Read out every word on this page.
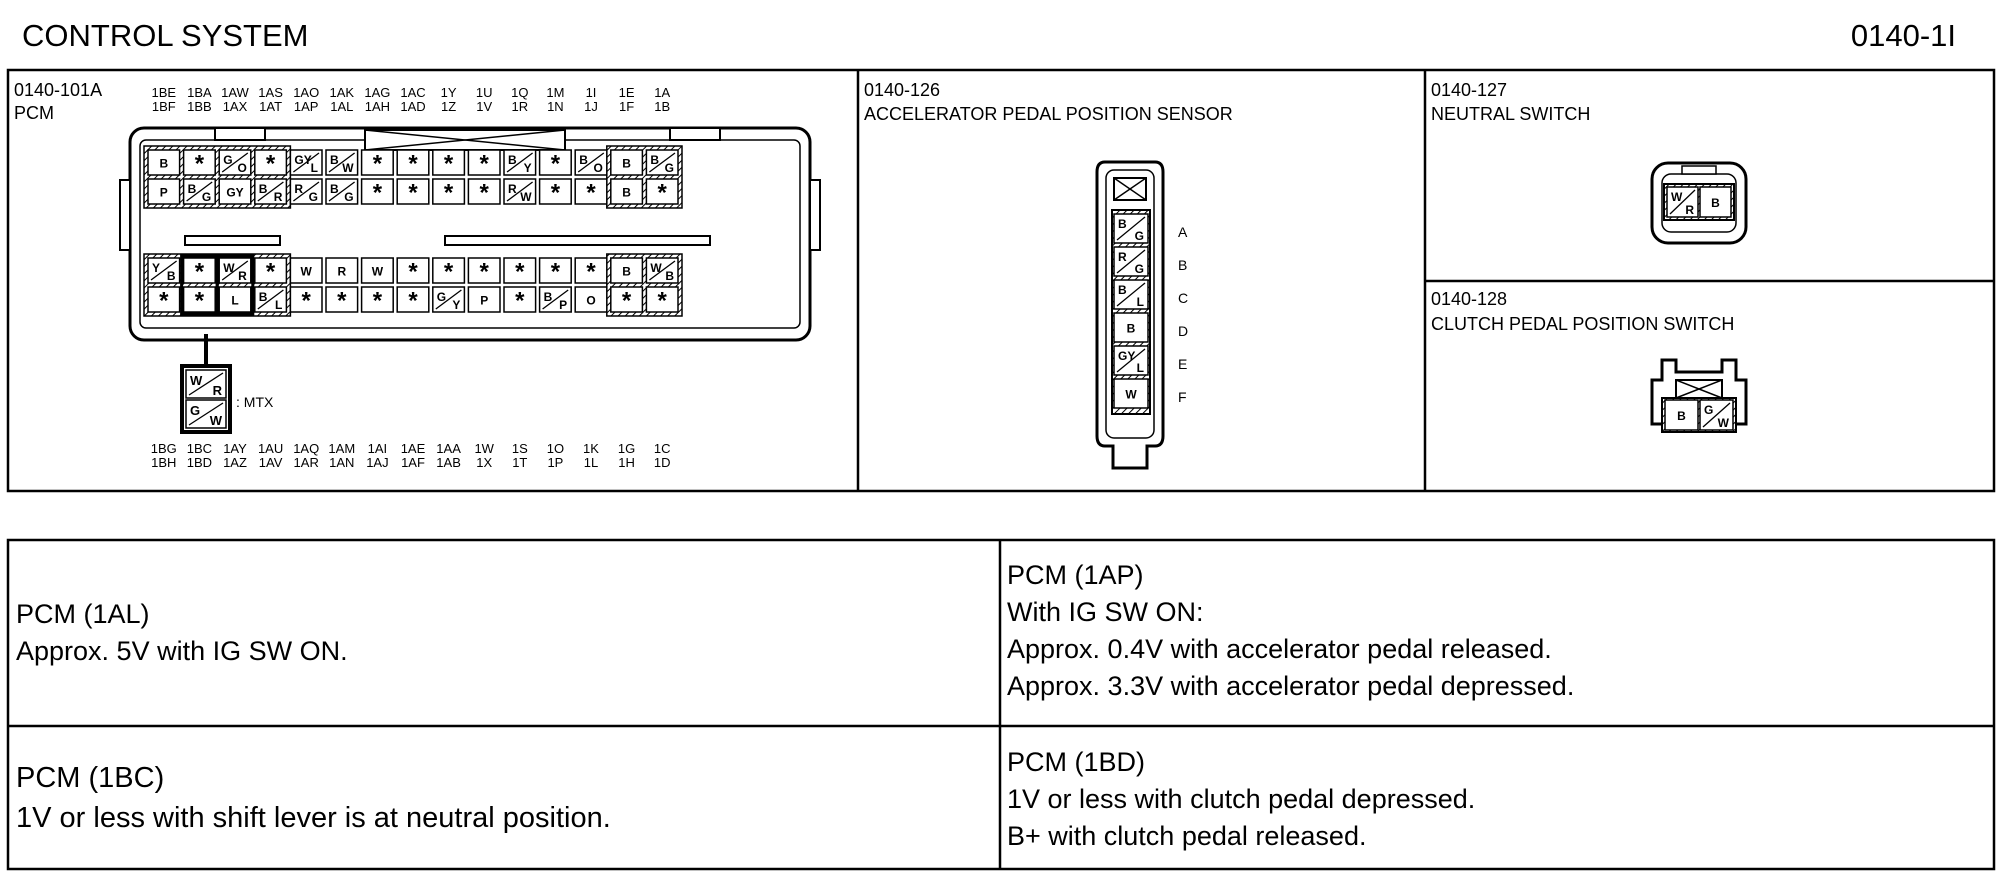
CONTROL SYSTEM	0140-1I
0140-101A
PCM
0140-126
ACCELERATOR PEDAL POSITION SENSOR
0140-127
NEUTRAL SWITCH
0140-128
CLUTCH PEDAL POSITION SWITCH
B * G
O * GY
L
B
W * * * * B
Y * B
O B B
G
P B
G GY B
R
R
G
B
G * * * * R
W * * B *
Y
B * W
R * W R W * * * * * * B W
B
* * L B
L * * * * G
Y P * B
P O * *
W
R
G
W
: MTX
1BE
1BF
1BA
1BB
1AW
1AX
1AS
1AT
1AO
1AP
1AK
1AL
1AG
1AH
1AC
1AD
1Y
1Z
1U
1V
1Q
1R
1M
1N
1I
1J
1E
1F
1A
1B
1BG
1BH
1BC
1BD
1AY
1AZ
1AU
1AV
1AQ
1AR
1AM
1AN
1AI
1AJ
1AE
1AF
1AA
1AB
1W
1X
1S
1T
1O
1P
1K
1L
1G
1H
1C
1D
B
G
R
G
B
L
B
GY
L
W
A
B
C
D
E
F
W
R B
B G
W
PCM (1AL)
Approx. 5V with IG SW ON.
PCM (1AP)
With IG SW ON:
Approx. 0.4V with accelerator pedal released.
Approx. 3.3V with accelerator pedal depressed.
PCM (1BC)
1V or less with shift lever is at neutral position.
PCM (1BD)
1V or less with clutch pedal depressed.
B+ with clutch pedal released.
